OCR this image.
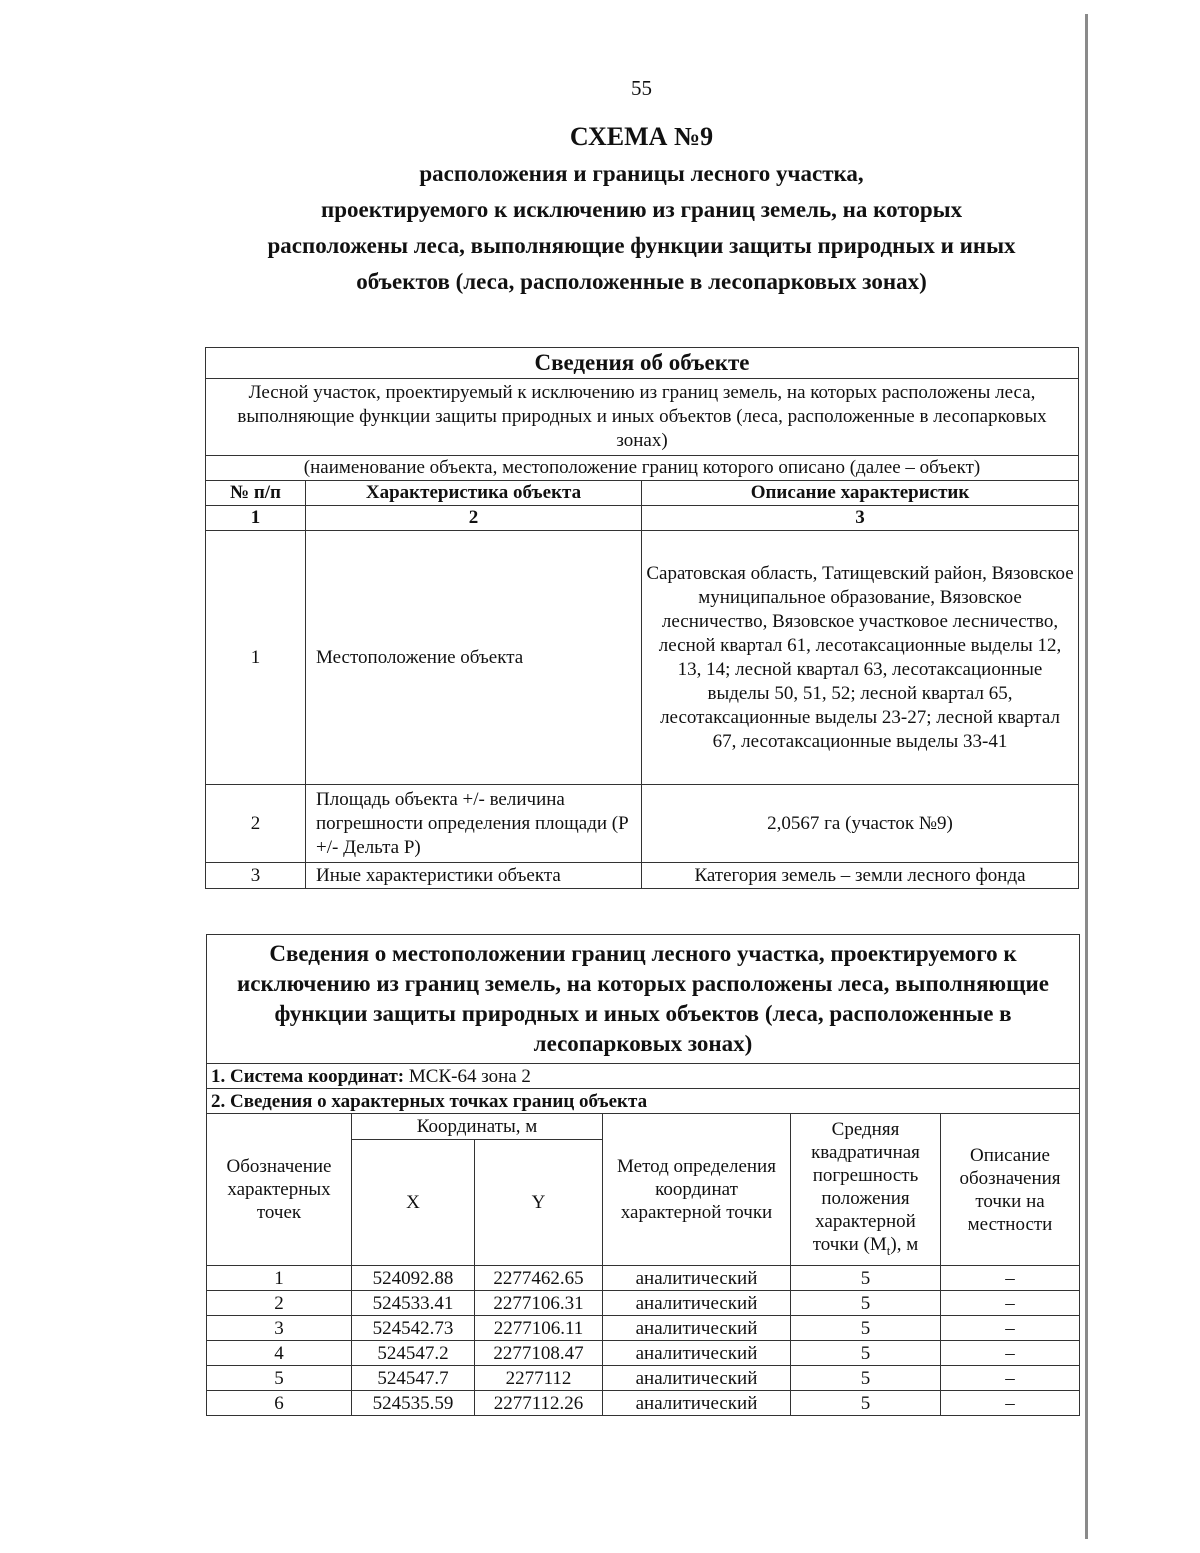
55
СХЕМА №9
расположения и границы лесного участка,
проектируемого к исключению из границ земель, на которых
расположены леса, выполняющие функции защиты природных и иных
объектов (леса, расположенные в лесопарковых зонах)
Сведения об объекте		
Лесной участок, проектируемый к исключению из границ земель, на которых расположены леса, выполняющие функции защиты природных и иных объектов (леса, расположенные в лесопарковых зонах)		
(наименование объекта, местоположение границ которого описано (далее – объект)		
№ п/п	Характеристика объекта	Описание характеристик
1	2	3
1	Местоположение объекта	Саратовская область, Татищевский район, Вязовское муниципальное образование, Вязовское лесничество, Вязовское участковое лесничество, лесной квартал 61, лесотаксационные выделы 12, 13, 14; лесной квартал 63, лесотаксационные выделы 50, 51, 52; лесной квартал 65, лесотаксационные выделы 23-27; лесной квартал 67, лесотаксационные выделы 33-41
2	Площадь объекта +/- величина погрешности определения площади (Р +/- Дельта Р)	2,0567 га (участок №9)
3	Иные характеристики объекта	Категория земель – земли лесного фонда
Сведения о местоположении границ лесного участка, проектируемого к исключению из границ земель, на которых расположены леса, выполняющие функции защиты природных и иных объектов (леса, расположенные в лесопарковых зонах)					
1. Система координат: МСК-64 зона 2					
2. Сведения о характерных точках границ объекта					
Обозначение характерных точек	Координаты, м		Метод определения координат характерной точки	Средняя квадратичная погрешность положения характерной точки $(M_t)$, м	Описание обозначения точки на местности
	X	Y			
1	524092.88	2277462.65	аналитический	5	–
2	524533.41	2277106.31	аналитический	5	–
3	524542.73	2277106.11	аналитический	5	–
4	524547.2	2277108.47	аналитический	5	–
5	524547.7	2277112	аналитический	5	–
6	524535.59	2277112.26	аналитический	5	–
